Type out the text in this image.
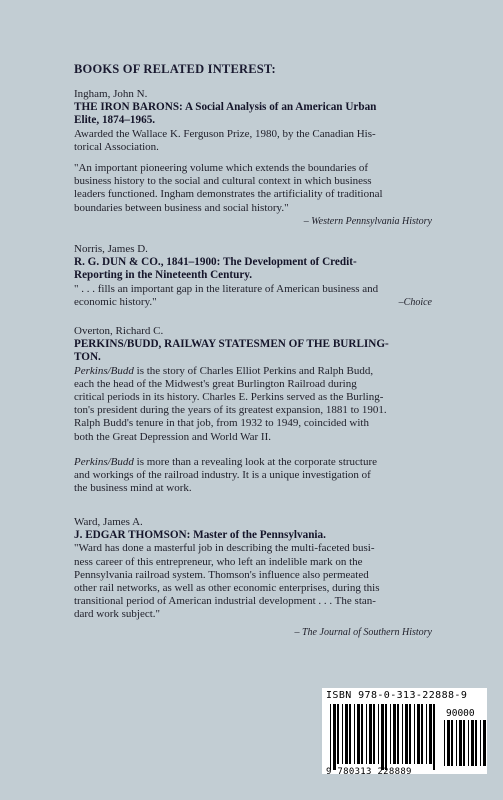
BOOKS OF RELATED INTEREST:

Ingham, John N.

THE IRON BARONS: A Social Analysis of an American Urban

Elite, 1874–1965.

Awarded the Wallace K. Ferguson Prize, 1980, by the Canadian His-

torical Association.

"An important pioneering volume which extends the boundaries of

business history to the social and cultural context in which business

leaders functioned. Ingham demonstrates the artificiality of traditional

boundaries between business and social history."

– Western Pennsylvania History

Norris, James D.

R. G. DUN & CO., 1841–1900: The Development of Credit-

Reporting in the Nineteenth Century.

" . . . fills an important gap in the literature of American business and

economic history."	–Choice

Overton, Richard C.

PERKINS/BUDD, RAILWAY STATESMEN OF THE BURLING-

TON.

Perkins/Budd is the story of Charles Elliot Perkins and Ralph Budd,

each the head of the Midwest's great Burlington Railroad during

critical periods in its history. Charles E. Perkins served as the Burling-

ton's president during the years of its greatest expansion, 1881 to 1901.

Ralph Budd's tenure in that job, from 1932 to 1949, coincided with

both the Great Depression and World War II.

Perkins/Budd is more than a revealing look at the corporate structure

and workings of the railroad industry. It is a unique investigation of

the business mind at work.

Ward, James A.

J. EDGAR THOMSON: Master of the Pennsylvania.

"Ward has done a masterful job in describing the multi-faceted busi-

ness career of this entrepreneur, who left an indelible mark on the

Pennsylvania railroad system. Thomson's influence also permeated

other rail networks, as well as other economic enterprises, during this

transitional period of American industrial development . . . The stan-

dard work subject."

– The Journal of Southern History

ISBN 978-0-313-22888-9
90000
9 780313 228889
